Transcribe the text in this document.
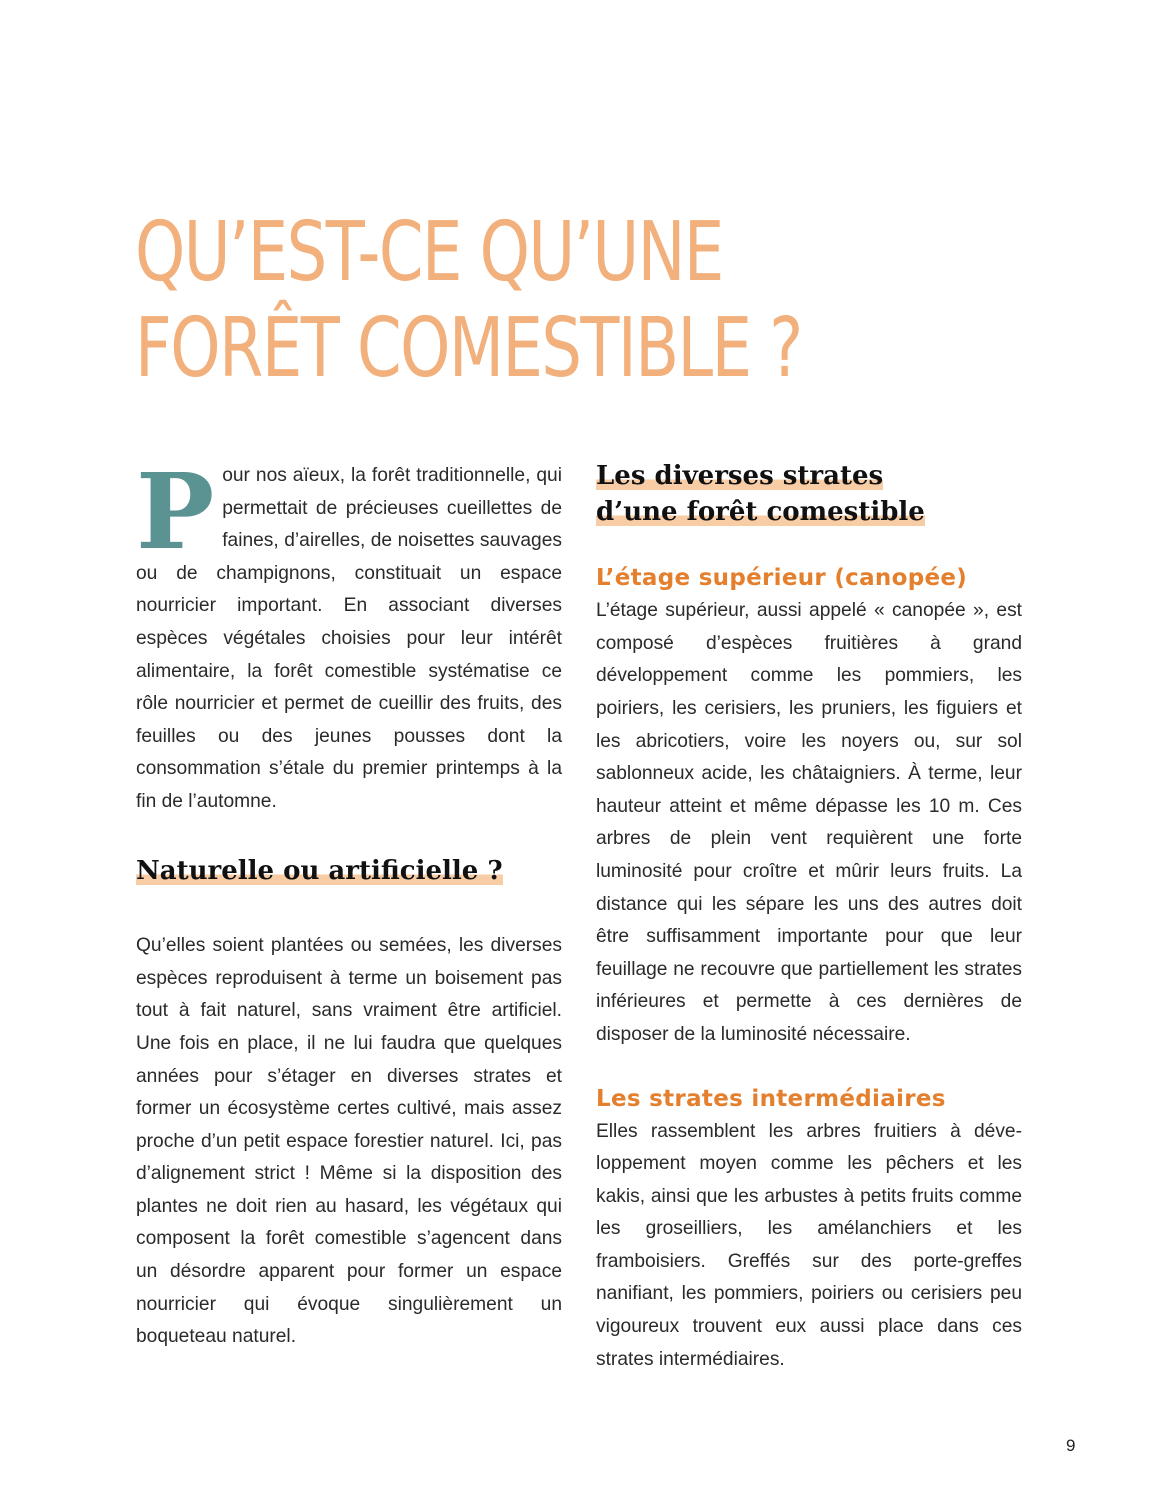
QU’EST-CE QU’UNE
FORÊT COMESTIBLE ?

P our nos aïeux, la forêt traditionnelle, qui permettait de précieuses cueillettes de faines, d’airelles, de noisettes sauvages ou de champignons, constituait un espace nourricier important. En associant diverses espèces végétales choisies pour leur intérêt alimentaire, la forêt comestible systématise ce rôle nourricier et permet de cueillir des fruits, des feuilles ou des jeunes pousses dont la consommation s’étale du premier printemps à la fin de l’automne.

Naturelle ou artificielle ?

Qu’elles soient plantées ou semées, les diverses espèces reproduisent à terme un boisement pas tout à fait naturel, sans vraiment être artificiel. Une fois en place, il ne lui faudra que quelques années pour s’étager en diverses strates et former un écosystème certes cultivé, mais assez proche d’un petit espace forestier naturel. Ici, pas d’alignement strict ! Même si la disposition des plantes ne doit rien au hasard, les végétaux qui composent la forêt comestible s’agencent dans un désordre apparent pour former un espace nourricier qui évoque singulièrement un boqueteau naturel.

Les diverses strates
d’une forêt comestible
L’étage supérieur (canopée)

L’étage supérieur, aussi appelé « canopée », est composé d’espèces fruitières à grand développement comme les pommiers, les poiriers, les cerisiers, les pruniers, les figuiers et les abricotiers, voire les noyers ou, sur sol sablonneux acide, les châtaigniers. À terme, leur hauteur atteint et même dépasse les 10 m. Ces arbres de plein vent requièrent une forte luminosité pour croître et mûrir leurs fruits. La distance qui les sépare les uns des autres doit être suffisamment importante pour que leur feuillage ne recouvre que partiellement les strates inférieures et permette à ces dernières de disposer de la luminosité nécessaire.

Les strates intermédiaires

Elles rassemblent les arbres fruitiers à développement moyen comme les pêchers et les kakis, ainsi que les arbustes à petits fruits comme les groseilliers, les amélanchiers et les framboisiers. Greffés sur des porte-greffes nanifiant, les pommiers, poiriers ou cerisiers peu vigoureux trouvent eux aussi place dans ces strates intermédiaires.

9
